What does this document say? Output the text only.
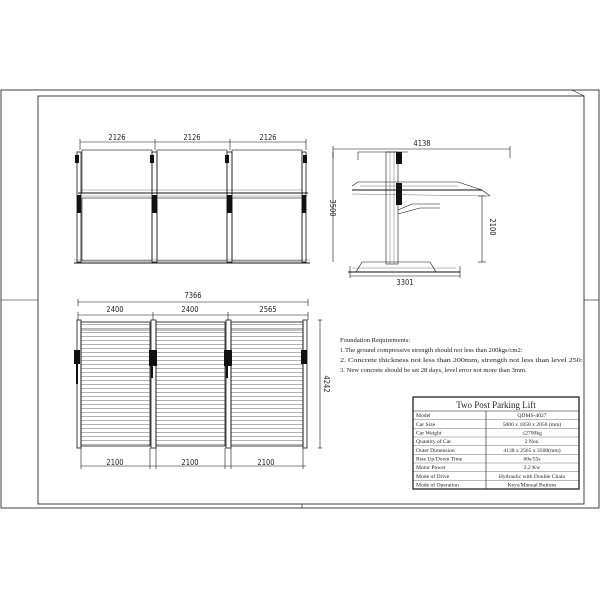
2126	2126	2126
4138
3500
2100
3301
7366
2400	2400	2565
4242
2100	2100	2100
Foundation Requirements:
1.The ground compressive strength should not less than 200kgs/cm2:
2. Concrete thickness not less than 200mm, strength not less than level 250:
3. New concrete should be set 28 days, level error not more than 3mm.
Two Post Parking Lift
Model	QDMS-4027
Car Size	5000 x 1850 x 2050 (mm)
Car Weight	≤2700kg
Quantity of Car	2 Nos.
Outer Dimension	4138 x 2565 x 3500(mm)
Rise Up/Down Time	60s/55s
Motor Power	2.2 Kw
Mode of Drive	Hydraulic with Double Chain
Mode of Operation	Keys/Manual Buttons
